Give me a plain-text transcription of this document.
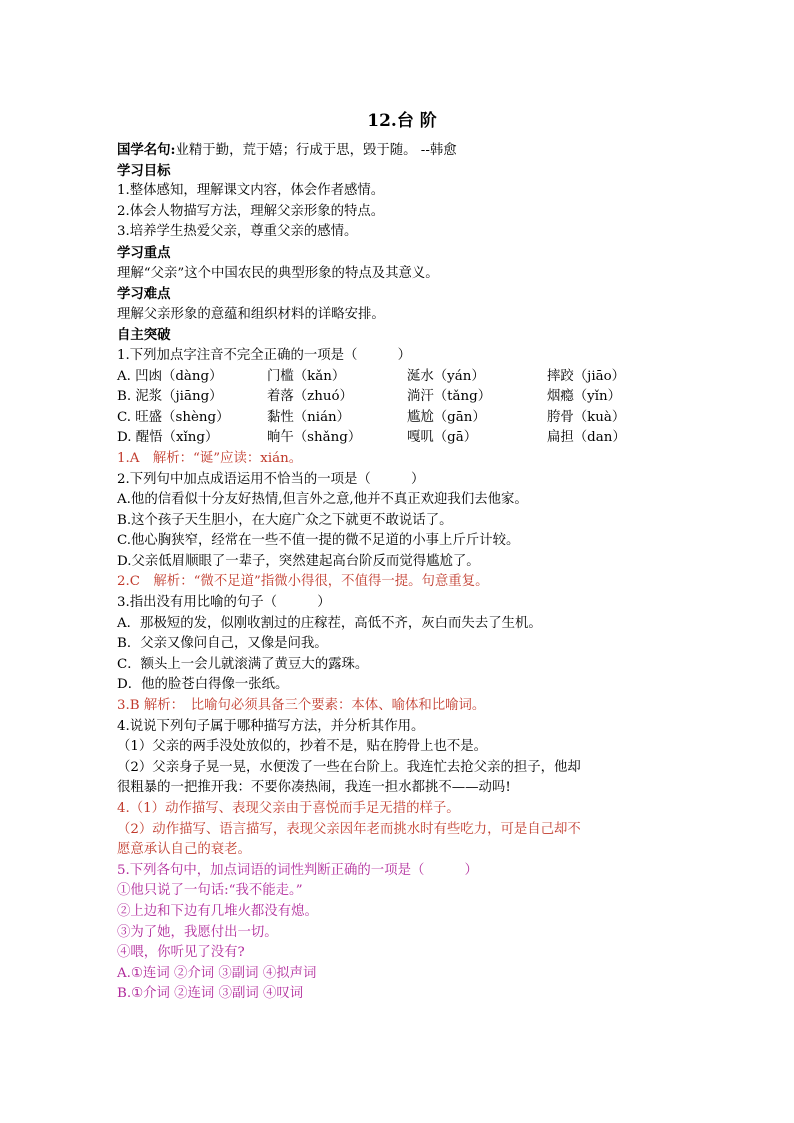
12.台 阶
国学名句:业精于勤，荒于嬉；行成于思，毁于随。 --韩愈
学习目标
1.整体感知，理解课文内容，体会作者感情。
2.体会人物描写方法，理解父亲形象的特点。
3.培养学生热爱父亲，尊重父亲的感情。
学习重点
理解“父亲”这个中国农民的典型形象的特点及其意义。
学习难点
理解父亲形象的意蕴和组织材料的详略安排。
自主突破
1.下列加点字注音不完全正确的一项是（　　　）
A. 凹凼（dàng）	门槛（kǎn）	涎水（yán）	摔跤（jiāo）
B. 泥浆（jiāng）	着落（zhuó）	淌汗（tǎng）	烟瘾（yǐn）
C. 旺盛（shèng）	黏性（nián）	尴尬（gān）	胯骨（kuà）
D. 醒悟（xǐng）	晌午（shǎng）	嘎叽（gā）	扁担（dan）
1.A　解析：“诞”应读：xián。
2.下列句中加点成语运用不恰当的一项是（　　　）
A.他的信看似十分友好热情,但言外之意,他并不真正欢迎我们去他家。
B.这个孩子天生胆小，在大庭广众之下就更不敢说话了。
C.他心胸狭窄，经常在一些不值一提的微不足道的小事上斤斤计较。
D.父亲低眉顺眼了一辈子，突然建起高台阶反而觉得尴尬了。
2.C　解析：“微不足道”指微小得很，不值得一提。句意重复。
3.指出没有用比喻的句子（　　　）
A．那极短的发，似刚收割过的庄稼茬，高低不齐，灰白而失去了生机。
B．父亲又像问自己，又像是问我。
C．额头上一会儿就滚满了黄豆大的露珠。
D．他的脸苍白得像一张纸。
3.B 解析：　比喻句必须具备三个要素：本体、喻体和比喻词。
4.说说下列句子属于哪种描写方法，并分析其作用。
（1）父亲的两手没处放似的，抄着不是，贴在胯骨上也不是。
（2）父亲身子晃一晃，水便泼了一些在台阶上。我连忙去抢父亲的担子，他却
很粗暴的一把推开我：不要你凑热闹，我连一担水都挑不——动吗!
4.（1）动作描写、表现父亲由于喜悦而手足无措的样子。
（2）动作描写、语言描写，表现父亲因年老而挑水时有些吃力，可是自己却不
愿意承认自己的衰老。
5.下列各句中，加点词语的词性判断正确的一项是（　　　）
①他只说了一句话:“我不能走。”
②上边和下边有几堆火都没有熄。
③为了她，我愿付出一切。
④喂，你听见了没有?
A.①连词 ②介词 ③副词 ④拟声词
B.①介词 ②连词 ③副词 ④叹词
